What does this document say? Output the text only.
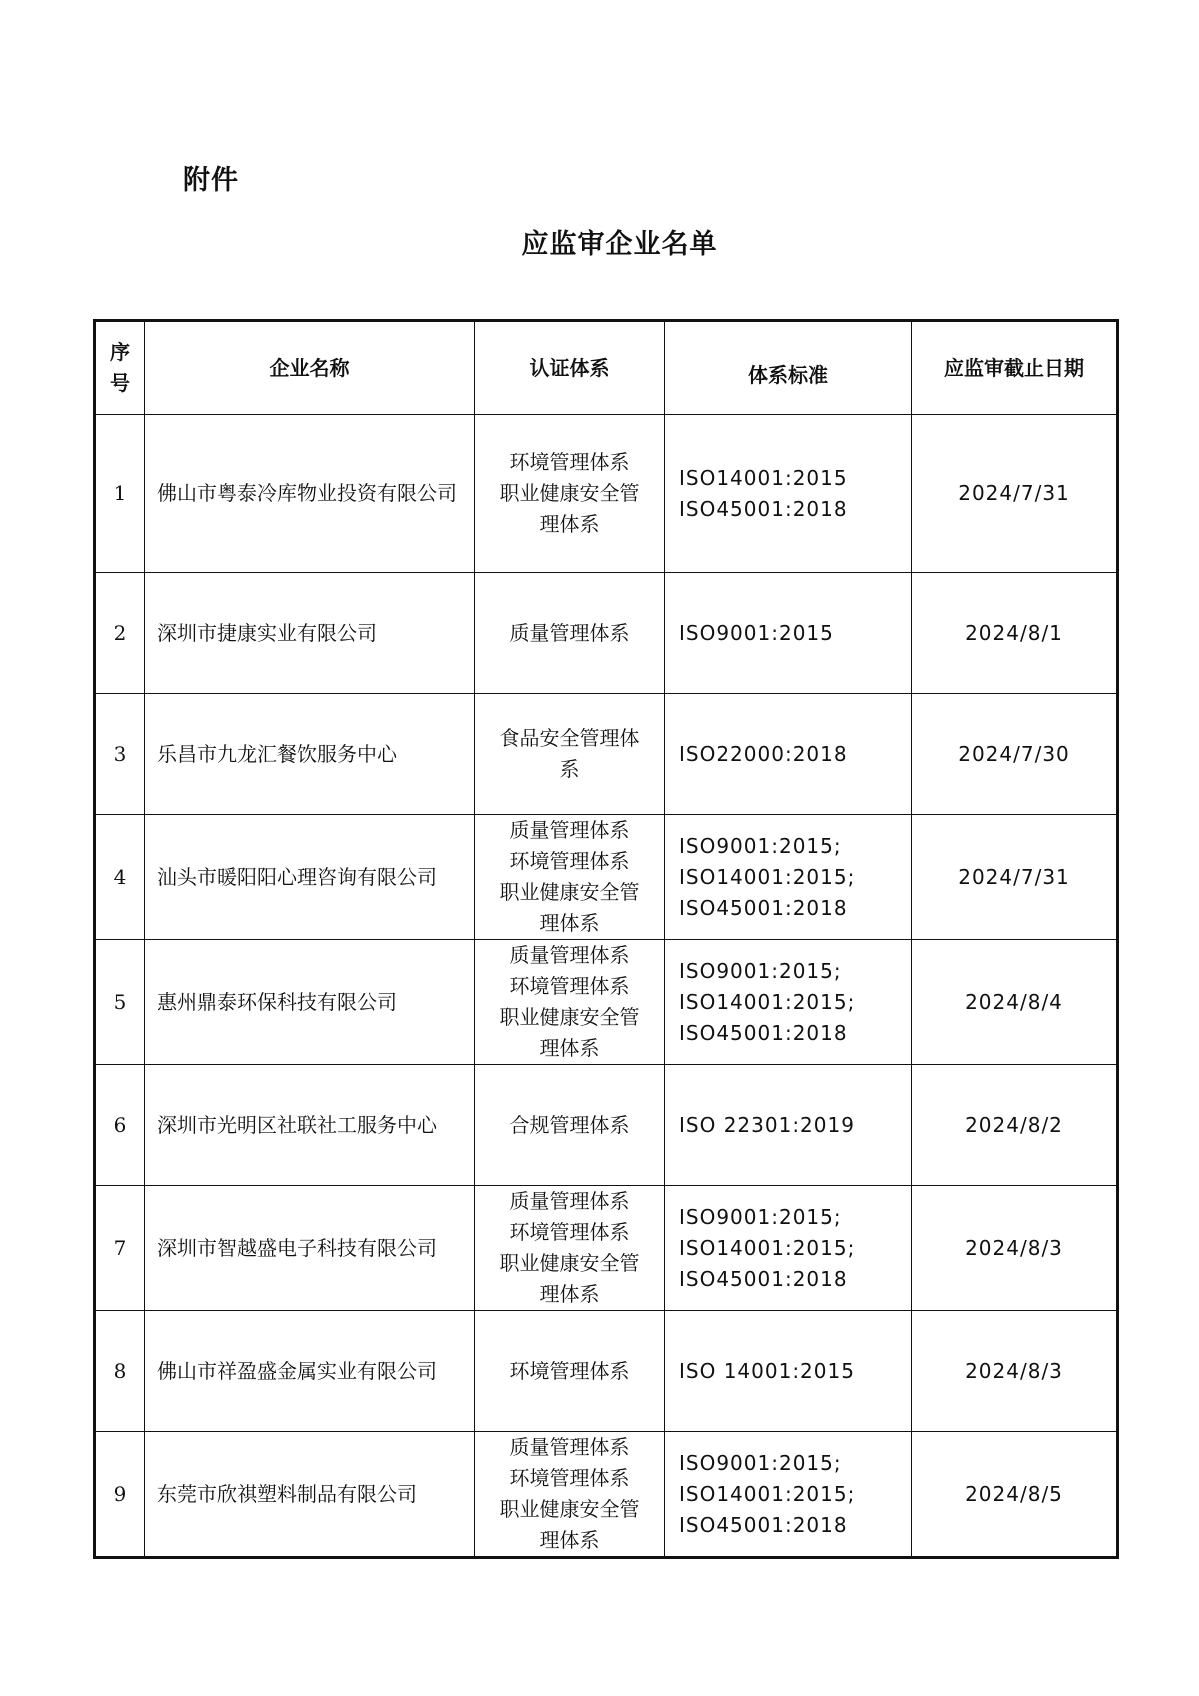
附件
应监审企业名单
序号	企业名称	认证体系	体系标准	应监审截止日期
1	佛山市粤泰冷库物业投资有限公司	环境管理体系
职业健康安全管
理体系	ISO14001:2015
ISO45001:2018	2024/7/31
2	深圳市捷康实业有限公司	质量管理体系	ISO9001:2015	2024/8/1
3	乐昌市九龙汇餐饮服务中心	食品安全管理体
系	ISO22000:2018	2024/7/30
4	汕头市暖阳阳心理咨询有限公司	质量管理体系
环境管理体系
职业健康安全管
理体系	ISO9001:2015;
ISO14001:2015;
ISO45001:2018	2024/7/31
5	惠州鼎泰环保科技有限公司	质量管理体系
环境管理体系
职业健康安全管
理体系	ISO9001:2015;
ISO14001:2015;
ISO45001:2018	2024/8/4
6	深圳市光明区社联社工服务中心	合规管理体系	ISO 22301:2019	2024/8/2
7	深圳市智越盛电子科技有限公司	质量管理体系
环境管理体系
职业健康安全管
理体系	ISO9001:2015;
ISO14001:2015;
ISO45001:2018	2024/8/3
8	佛山市祥盈盛金属实业有限公司	环境管理体系	ISO 14001:2015	2024/8/3
9	东莞市欣祺塑料制品有限公司	质量管理体系
环境管理体系
职业健康安全管
理体系	ISO9001:2015;
ISO14001:2015;
ISO45001:2018	2024/8/5
